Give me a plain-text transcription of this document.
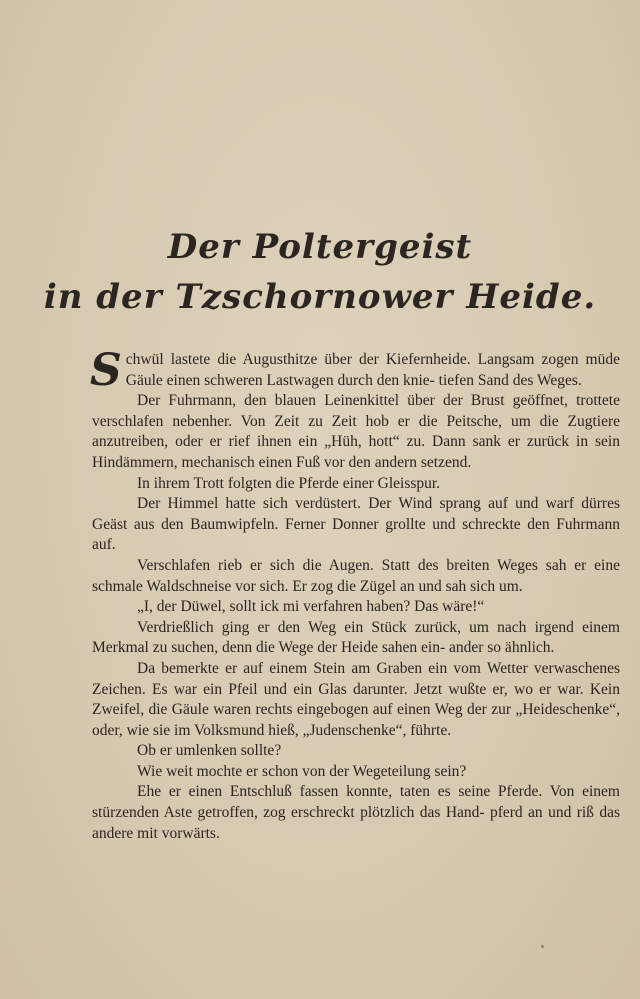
Der Poltergeist
in der Tzschornower Heide.

Schwül lastete die Augusthitze über der Kiefernheide. Langsam zogen müde Gäule einen schweren Lastwagen durch den knie- tiefen Sand des Weges.

Der Fuhrmann, den blauen Leinenkittel über der Brust geöffnet, trottete verschlafen nebenher. Von Zeit zu Zeit hob er die Peitsche, um die Zugtiere anzutreiben, oder er rief ihnen ein „Hüh, hott“ zu. Dann sank er zurück in sein Hindämmern, mechanisch einen Fuß vor den andern setzend.

In ihrem Trott folgten die Pferde einer Gleisspur.

Der Himmel hatte sich verdüstert. Der Wind sprang auf und warf dürres Geäst aus den Baumwipfeln. Ferner Donner grollte und schreckte den Fuhrmann auf.

Verschlafen rieb er sich die Augen. Statt des breiten Weges sah er eine schmale Waldschneise vor sich. Er zog die Zügel an und sah sich um.

„I, der Düwel, sollt ick mi verfahren haben? Das wäre!“

Verdrießlich ging er den Weg ein Stück zurück, um nach irgend einem Merkmal zu suchen, denn die Wege der Heide sahen ein- ander so ähnlich.

Da bemerkte er auf einem Stein am Graben ein vom Wetter verwaschenes Zeichen. Es war ein Pfeil und ein Glas darunter. Jetzt wußte er, wo er war. Kein Zweifel, die Gäule waren rechts eingebogen auf einen Weg der zur „Heideschenke“, oder, wie sie im Volksmund hieß, „Judenschenke“, führte.

Ob er umlenken sollte?

Wie weit mochte er schon von der Wegeteilung sein?

Ehe er einen Entschluß fassen konnte, taten es seine Pferde. Von einem stürzenden Aste getroffen, zog erschreckt plötzlich das Hand- pferd an und riß das andere mit vorwärts.
